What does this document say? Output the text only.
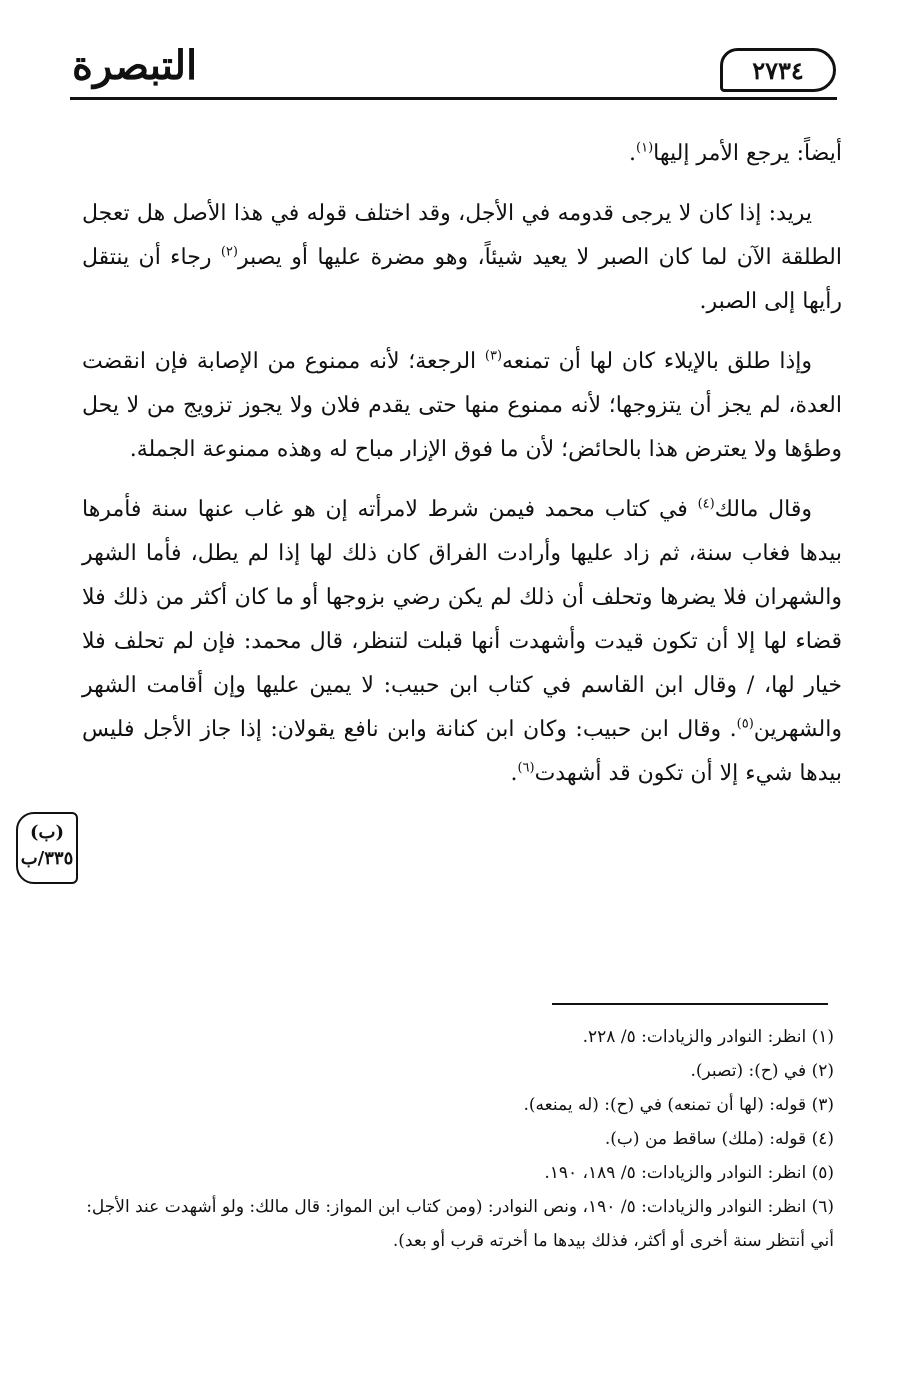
التبصرة	٢٧٣٤

أيضاً: يرجع الأمر إليها$^{(١)}$.

يريد: إذا كان لا يرجى قدومه في الأجل، وقد اختلف قوله في هذا الأصل هل تعجل الطلقة الآن لما كان الصبر لا يعيد شيئاً، وهو مضرة عليها أو يصبر$^{(٢)}$ رجاء أن ينتقل رأيها إلى الصبر.

وإذا طلق بالإيلاء كان لها أن تمنعه$^{(٣)}$ الرجعة؛ لأنه ممنوع من الإصابة فإن انقضت العدة، لم يجز أن يتزوجها؛ لأنه ممنوع منها حتى يقدم فلان ولا يجوز تزويج من لا يحل وطؤها ولا يعترض هذا بالحائض؛ لأن ما فوق الإزار مباح له وهذه ممنوعة الجملة.

وقال مالك$^{(٤)}$ في كتاب محمد فيمن شرط لامرأته إن هو غاب عنها سنة فأمرها بيدها فغاب سنة، ثم زاد عليها وأرادت الفراق كان ذلك لها إذا لم يطل، فأما الشهر والشهران فلا يضرها وتحلف أن ذلك لم يكن رضي بزوجها أو ما كان أكثر من ذلك فلا قضاء لها إلا أن تكون قيدت وأشهدت أنها قبلت لتنظر، قال محمد: فإن لم تحلف فلا خيار لها، / وقال ابن القاسم في كتاب ابن حبيب: لا يمين عليها وإن أقامت الشهر والشهرين$^{(٥)}$. وقال ابن حبيب: وكان ابن كنانة وابن نافع يقولان: إذا جاز الأجل فليس بيدها شيء إلا أن تكون قد أشهدت$^{(٦)}$.

(ب)
٣٣٥/ب

(١) انظر: النوادر والزيادات: ٥/ ٢٢٨.

(٢) في (ح): (تصبر).

(٣) قوله: (لها أن تمنعه) في (ح): (له يمنعه).

(٤) قوله: (ملك) ساقط من (ب).

(٥) انظر: النوادر والزيادات: ٥/ ١٨٩، ١٩٠.

(٦) انظر: النوادر والزيادات: ٥/ ١٩٠، ونص النوادر: (ومن كتاب ابن المواز: قال مالك: ولو أشهدت عند الأجل: أني أنتظر سنة أخرى أو أكثر، فذلك بيدها ما أخرته قرب أو بعد).
